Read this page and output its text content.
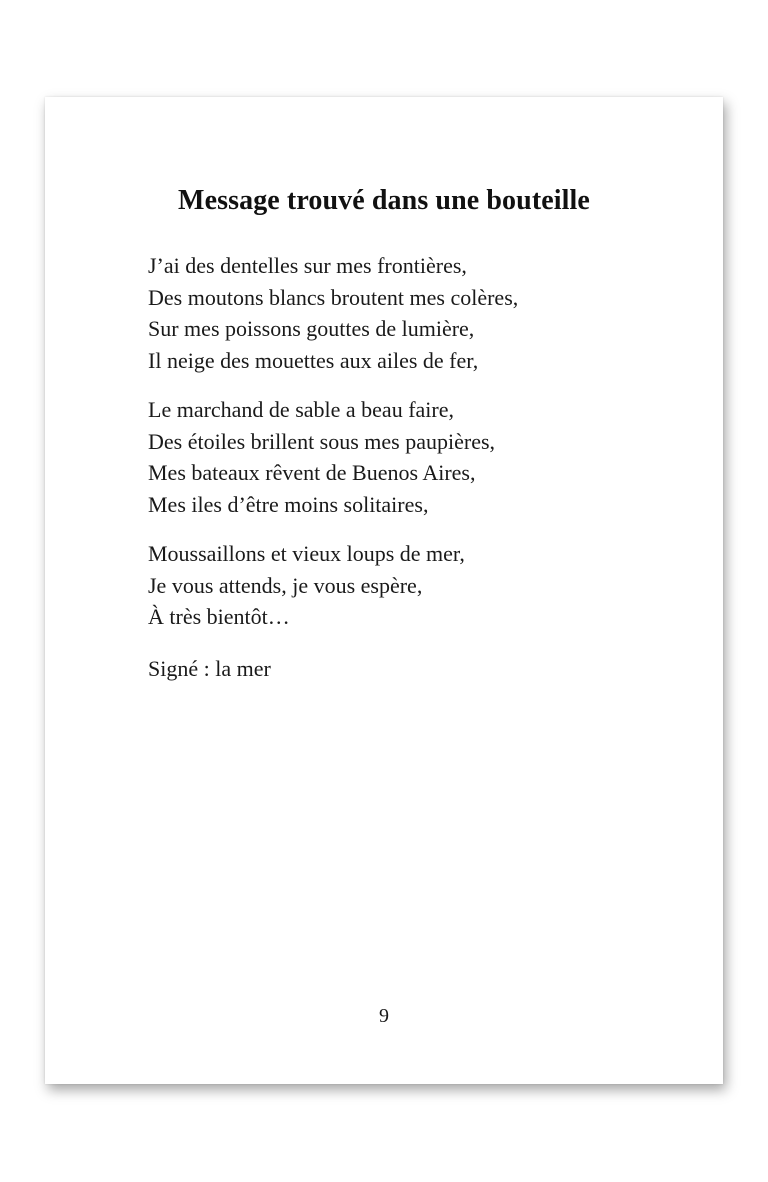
Message trouvé dans une bouteille
J’ai des dentelles sur mes frontières,
Des moutons blancs broutent mes colères,
Sur mes poissons gouttes de lumière,
Il neige des mouettes aux ailes de fer,
Le marchand de sable a beau faire,
Des étoiles brillent sous mes paupières,
Mes bateaux rêvent de Buenos Aires,
Mes iles d’être moins solitaires,
Moussaillons et vieux loups de mer,
Je vous attends, je vous espère,
À très bientôt…
Signé : la mer
9
